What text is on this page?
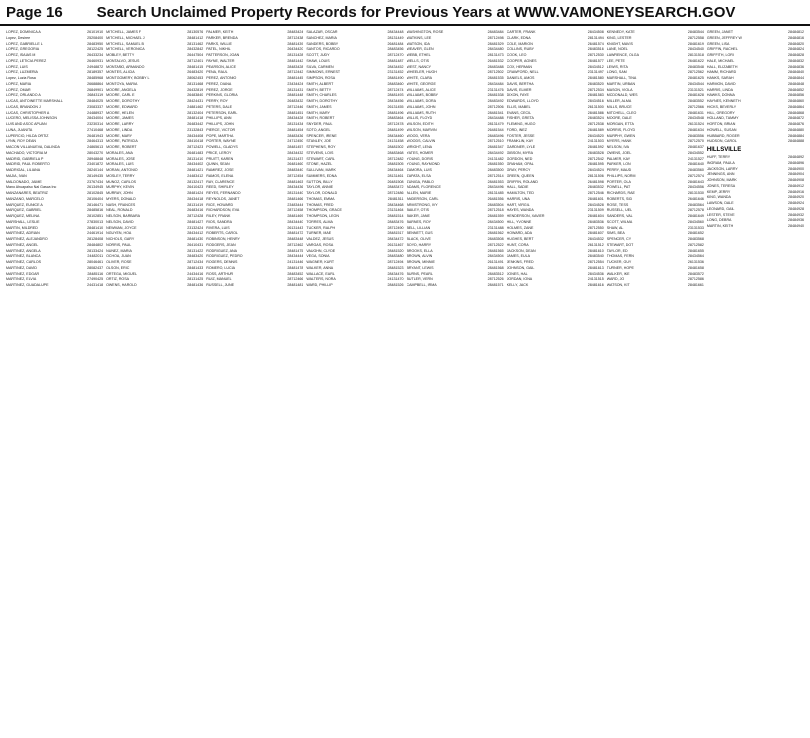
Page 16	Search Unclaimed Property Records for Previous Years at WWW.VAMONEYSEARCH.GOV
LOPEZ, DOMINICA A	26101910
Lopez, Desiree	25208400
LOPEZ, GABRIELLE L	28483950
LOPEZ, GREGORIA	28122425
LOPEZ, ISAIAS M	26433234
LOPEZ, LETICIA PEREZ	26460931
LOPEZ, LUIS	24948872
LOPEZ, LUZMERIA	28189357
Lopez, Luzia Rosa	28485968
LOPEZ, MARIA	26688864
LOPEZ, OMAR	26849901
LOPEZ, ORLANDO A	26843119
LUCAS, ANTOINETTE MARSHALL	28484025
LUCAS, BRANDON J	23083337
LUCAS, CHRISTOPHER A	24488937
LUCERO, MELISSA JOHNSON	28434004
LUIS AND ASOC APUAN	23230314
LUNA, JUANITA	27410468
LUPERCIO, HILDA ORTIZ	26481943
LYNN, ROY DEAN	28464313
MACON VILLANUEVA, DALINDA	24865613
MACHADO, VICTORIA M	28043270
MADRID, GABRIELA P	28948848
MADRID, PAUL ROBERTO	23401872
MADRIGAL, LILIANA	28240144
MAJIA, IVAN	28149435
MALDONADO, JAIME	23767434
Mano Ahuapalso Nal Gasca Inc	26134945
MANZANARES, BEATRIZ	28102845
MANZANO, MARCELO	28106404
MARQUEZ, EUNICE A	28146471
MARQUEZ, GABRIEL	28485816
MARQUEZ, MELINA	28102851
MARSHALL, LESLIE	27830013
MARTIN, MILDRED	28481410
MARTINEZ, ADRIAN	24461914
MARTINEZ, ALEJANDRO	28128408
MARTINEZ, ANGEL	28484802
MARTINEZ, ANGELA	28133424
MARTINEZ, BLANCA	24482011
MARTINEZ, CARLOS	28046461
MARTINEZ, DAVID	28082437
MARTINEZ, EDGAR	28485116
MARTINEZ, ELVIA	27490425
MARTINEZ, GUADALUPE	24431418
MITCHELL, JAMES F	28130576
MITCHELL, MICHAEL J	28481412
MITCHELL, SAMUEL B	28131462
MITCHELL, VERONICA	28432842
MOBLEY, BETTY	26447504
MONTALVO, JESUS	28712401
MONTAÑO, ARMANDO	28481415
MONTES, ALICIA	26483420
MONTGOMERY, BOBBY L	28062453
MONTOYA, MARIA	28131468
MOORE, ANGELA	26432819
MOORE, CARL E	26483840
MOORE, DOROTHY	28424431
MOORE, EDWARD	24881462
MOORE, HELEN	28132404
MOORE, JAMES	28481418
MOORE, LARRY	26483442
MOORE, LINDA	23132843
MOORE, MARY	28434408
MOORE, PATRICIA	28410418
MOORE, ROBERT	28712423
MORALES, ANA	26481483
MORALES, JOSE	28131410
MORALES, LUIS	28434402
MORAN, ANTONIO	28481421
MOSLEY, TERRY	24483412
MUNOZ, CARLOS	28132417
MURPHY, KEVIN	26410423
MURRAY, JOHN	28481424
MYERS, DONALD	28434418
NASH, FRANCES	28131419
NEAL, RONALD	26483416
NELSON, BARBARA	28712428
NELSON, DAVID	28481427
NEWMAN, JOYCE	23132424
NGUYEN, HOA	28434412
NICHOLS, GARY	28481430
NORRIS, PAUL	26410431
NUNEZ, MARIA	28131422
OCHOA, JUAN	28483420
OLIVER, ROSE	28712434
OLSON, ERIC	28481433
ORTEGA, MIGUEL	24434416
ORTIZ, ROSA	28131425
OWENS, HAROLD	28481436
PALMER, KEITH	28483424
PARKER, BRENDA	28712438
PARKS, WILLIE	28481439
PATEL, NIKHIL	26434420
PATTERSON, JOAN	28131428
PAYNE, WALTER	28481442
PEARSON, ALICE	28483428
PENA, RAUL	28712442
PEREZ, ANTONIO	28481445
PEREZ, DIANA	23434424
PEREZ, JORGE	28131431
PERKINS, GLORIA	28481448
PERRY, ROY	26483432
PETERS, DALE	28712446
PETERSON, EARL	28481451
PHILLIPS, ANN	28434428
PHILLIPS, JOHN	28131434
PIERCE, VICTOR	28481454
POPE, MARTHA	28483436
PORTER, WAYNE	24712450
POWELL, GLADYS	28481457
PRICE, LEROY	28434432
PRUITT, KAREN	28131437
QUINN, SEAN	26481460
RAMIREZ, JOSE	28483440
RAMOS, ELENA	28712454
RAY, CLARENCE	28481463
REED, SHIRLEY	28434436
REYES, FERNANDO	28131440
REYNOLDS, JANET	28481466
RICE, HOWARD	23483444
RICHARDSON, EVA	28712458
RILEY, FRANK	28481469
RIOS, SANDRA	28434440
RIVERA, LUIS	26131443
ROBERTS, CAROL	28481472
ROBINSON, HENRY	28483448
RODGERS, JEAN	28712462
RODRIGUEZ, ANA	28481475
RODRIGUEZ, PEDRO	28434444
ROGERS, DENNIS	24131446
ROMERO, LUCIA	28481478
ROSS, ARTHUR	28483452
RUIZ, MANUEL	28712466
RUSSELL, JUNE	28481481
SALAZAR, OSCAR	28434448
SANCHEZ, MARIA	28131449
SANDERS, BOBBY	26481484
SANTOS, RICARDO	28483456
SCOTT, JUDY	28712470
SHAW, LOUIS	28481487
SILVA, CARMEN	28434452
SIMMONS, ERNEST	23131452
SIMPSON, ROSA	28481490
SMITH, ALBERT	28483460
SMITH, BETTY	28712474
SMITH, CHARLES	28481493
SMITH, DOROTHY	28434456
SMITH, JAMES	26131455
SMITH, MARY	28481496
SMITH, ROBERT	28483464
SNYDER, PAUL	28712478
SOTO, ANGEL	28481499
SPENCER, IRENE	28434460
STANLEY, JOE	24131458
STEPHENS, ROY	28481502
STEVENS, LOIS	28483468
STEWART, CARL	28712482
STONE, HAZEL	28481505
SULLIVAN, MARK	28434464
SUMMERS, EDNA	28131461
SUTTON, BILLY	26481508
TAYLOR, ANNIE	28483472
TAYLOR, DONALD	28712486
THOMAS, EMMA	28481511
THOMAS, FRED	28434468
THOMPSON, GRACE	23131464
THOMPSON, LEON	28481514
TORRES, ALMA	28483476
TUCKER, RALPH	28712490
TURNER, MAE	28481517
VALDEZ, JESUS	28434472
VARGAS, ROSA	26131467
VAUGHN, CLYDE	28481520
VEGA, SONIA	28483480
WAGNER, KURT	28712494
WALKER, ANNA	28481523
WALLACE, EARL	28434476
WALTERS, NORA	24131470
WARD, PHILLIP	28481526
WASHINGTON, ROSE	28483484
WATKINS, LEE	28712498
WATSON, IDA	28481529
WEAVER, GLEN	28434480
WEBB, ETHEL	28131473
WELLS, OTIS	26481532
WEST, NANCY	28483488
WHEELER, HUGH	28712502
WHITE, CLARA	28481535
WHITE, GEORGE	28434484
WILLIAMS, ALICE	23131476
WILLIAMS, BOBBY	28481538
WILLIAMS, DORA	28483492
WILLIAMS, JOHN	28712506
WILLIAMS, RUTH	28481541
WILLIS, FLOYD	28434488
WILSON, EDITH	28131479
WILSON, MARVIN	26481544
WOOD, VERA	28483496
WOODS, CALVIN	28712510
WRIGHT, LENA	28481547
YATES, HOMER	28434492
YOUNG, DORIS	24131482
YOUNG, RAYMOND	28481550
ZAMORA, LUIS	28483500
ZAPATA, ELSA	28712514
ZUNIGA, PABLO	28481553
ADAMS, FLORENCE	28434496
ALLEN, MARIE	28131485
ANDERSON, CARL	26481556
ARMSTRONG, IVY	28483504
BAILEY, OTIS	28712518
BAKER, JANE	28481559
BARNES, ROY	28434500
BELL, LILLIAN	23131488
BENNETT, GUS	28481562
BLACK, OLIVE	28483508
BOYD, HARRY	28712522
BROOKS, ELLA	28481565
BROWN, ALVIN	28434504
BROWN, MINNIE	26131491
BRYANT, LEWIS	28481568
BURNS, PEARL	28483512
BUTLER, VERN	28712526
CAMPBELL, IRMA	28481571
CARTER, FRANK	28434508
CLARK, EDNA	28131494
COLE, MARION	26481574
COLLINS, RUBY	28483516
COOK, LEO	28712530
COOPER, AGNES	28481577
COX, HERMAN	28434512
CRAWFORD, NELL	23131497
DANIELS, AMOS	28481580
DAVIS, BERTHA	28483520
DAVIS, ELMER	28712534
DIXON, FAYE	28481583
EDWARDS, LLOYD	28434516
ELLIS, MABEL	26131500
EVANS, CECIL	28481586
FISHER, GRETA	28483524
FLEMING, HUGO	28712538
FORD, INEZ	28481589
FOSTER, JESSE	28434520
FRANKLIN, KAY	24131503
GARDNER, LYLE	28481592
GIBSON, MYRA	28483528
GORDON, NED	28712542
GRAHAM, OPAL	28481595
GRAY, PERCY	28434524
GREEN, QUEEN	28131506
GRIFFIN, ROLAND	26481598
HALL, SADIE	28483532
HAMILTON, TED	28712546
HARRIS, UNA	28481601
HART, VIRGIL	28434528
HAYES, WANDA	23131509
HENDERSON, XAVIER	28481604
HILL, YVONNE	28483536
HOLMES, ZANE	28712550
HOWARD, ADA	28481607
HUGHES, BERT	28434532
HUNT, CORA	26131512
JACKSON, DEAN	28481610
JAMES, EULA	28483540
JENKINS, FRED	28712554
JOHNSON, GAIL	28481613
JONES, HAL	28434536
JORDAN, IONA	24131515
KELLY, JACK	28481616
KENNEDY, KATE	28483544
KING, LESTER	28712558
KNIGHT, MAVIS	28481619
LANE, NOEL	28434540
LAWRENCE, OLGA	28131518
LEE, PETE	26481622
LEWIS, RITA	28483548
LONG, SAM	28712562
MARSHALL, TINA	28481625
MARTIN, URBAN	28434544
MASON, VIOLA	23131521
MCDONALD, WES	28481628
MILLER, ALMA	28483552
MILLS, BRUCE	28712566
MITCHELL, CLEO	28481631
MOORE, DALE	28434548
MORGAN, ETTA	26131524
MORRIS, FLOYD	28481634
MURPHY, GWEN	28483556
MYERS, HANK	28712570
NELSON, IVA	28481637
OWENS, JOEL	28434552
PALMER, KAY	24131527
PARKER, LON	28481640
PERRY, MAUD	28483560
PHILLIPS, NORM	28712574
PORTER, OLA	28481643
POWELL, PAT	28434556
RICHARDS, RAE	28131530
ROBERTS, SID	26481646
ROSE, TESS	28483564
RUSSELL, UEL	28712578
SANDERS, VAL	28481649
SCOTT, WILMA	28434560
SHAW, AL	23131533
SIMS, BEA	28481652
SPENCER, CY	28483568
STEWART, DOT	28712582
TAYLOR, ED	28481655
THOMAS, FERN	28434564
TUCKER, GUY	26131536
TURNER, HOPE	28481658
WALKER, IKE	28483572
WARD, JO	28712586
WATSON, KIT	28481661
GREEN, JANET	28484812
GREEN, JEFFREY W	28484816
GREEN, LISA	28484820
GRIFFIN, RACHEL	28484824
GRIFFITH, LORI	28484828
HALE, MICHAEL	28484832
HALL, ELIZABETH	28484836
HAMM, RICHARD	28484840
HANKS, SARAH	28484844
HARMON, DAVID	28484848
HARRIS, LINDA	28484852
HAWKS, DONNA	28484856
HAYNES, KENNETH	28484860
HICKS, BEVERLY	28484864
HILL, GREGORY	28484868
HOLLAND, TAMMY	28484872
HORTON, BRIAN	28484876
HOWELL, SUSAN	28484880
HUBBARD, ROGER	28484884
HUDSON, CAROL	28484888
HILLSVILLE
HUFF, TERRY	28484892
INGRAM, PAULA	28484896
JACKSON, LARRY	28484900
JENNINGS, ANN	28484904
JOHNSON, MARK	28484908
JONES, TERESA	28484912
KEMP, JERRY	28484916
KING, WANDA	28484920
LAWSON, DALE	28484924
LEONARD, GAIL	28484928
LESTER, STEVE	28484932
LONG, DEBRA	28484936
MARTIN, KEITH	28484940
